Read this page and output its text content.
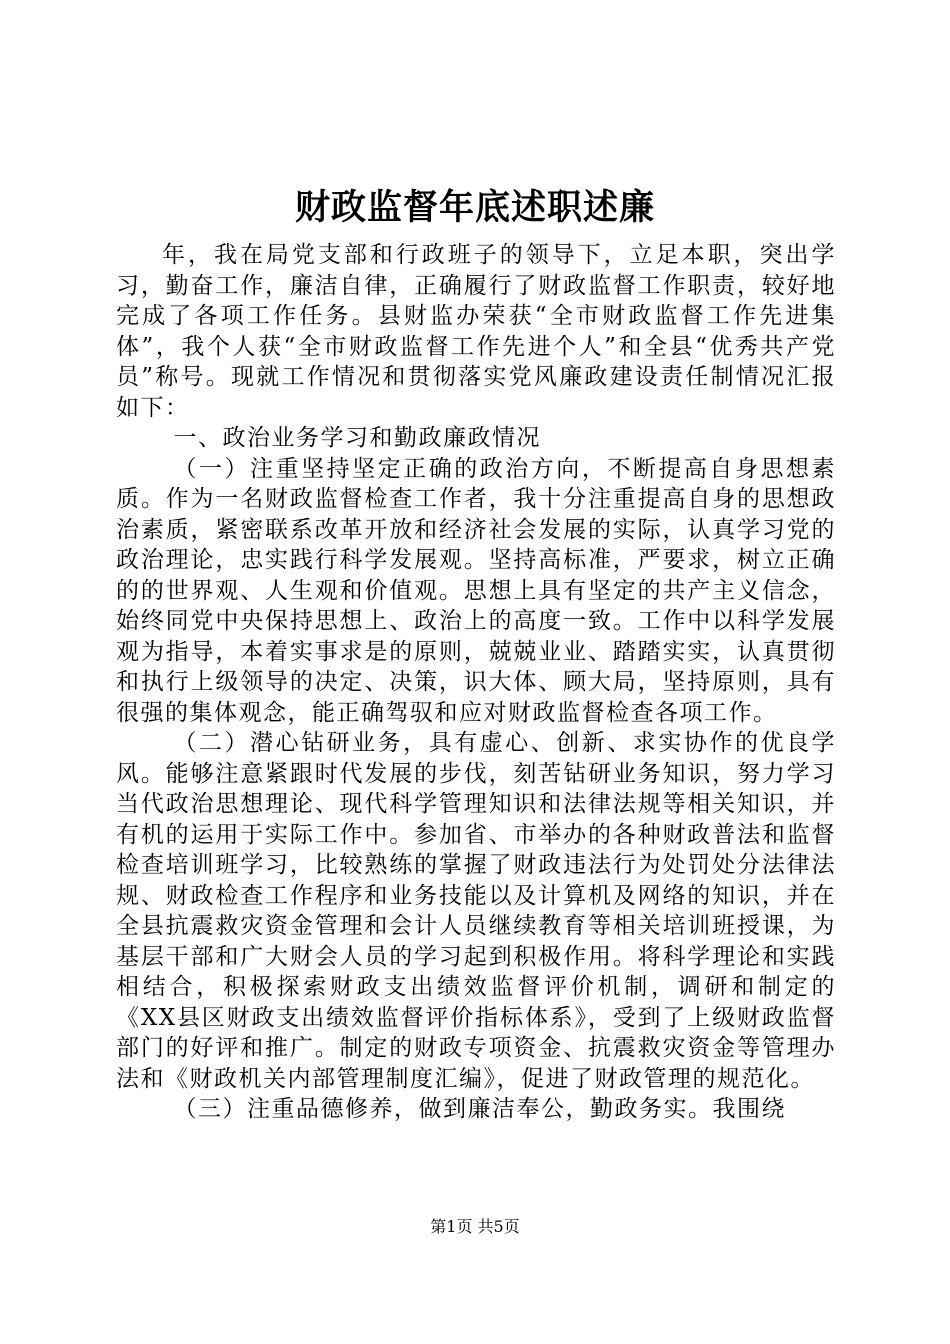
财政监督年底述职述廉

年，我在局党支部和行政班子的领导下，立足本职，突出学习，勤奋工作，廉洁自律，正确履行了财政监督工作职责，较好地完成了各项工作任务。县财监办荣获“全市财政监督工作先进集体”，我个人获“全市财政监督工作先进个人”和全县“优秀共产党员”称号。现就工作情况和贯彻落实党风廉政建设责任制情况汇报如下：

一、政治业务学习和勤政廉政情况

（一）注重坚持坚定正确的政治方向，不断提高自身思想素质。作为一名财政监督检查工作者，我十分注重提高自身的思想政治素质，紧密联系改革开放和经济社会发展的实际，认真学习党的政治理论，忠实践行科学发展观。坚持高标准，严要求，树立正确的的世界观、人生观和价值观。思想上具有坚定的共产主义信念，始终同党中央保持思想上、政治上的高度一致。工作中以科学发展观为指导，本着实事求是的原则，兢兢业业、踏踏实实，认真贯彻和执行上级领导的决定、决策，识大体、顾大局，坚持原则，具有很强的集体观念，能正确驾驭和应对财政监督检查各项工作。

（二）潜心钻研业务，具有虚心、创新、求实协作的优良学风。能够注意紧跟时代发展的步伐，刻苦钻研业务知识，努力学习当代政治思想理论、现代科学管理知识和法律法规等相关知识，并有机的运用于实际工作中。参加省、市举办的各种财政普法和监督检查培训班学习，比较熟练的掌握了财政违法行为处罚处分法律法规、财政检查工作程序和业务技能以及计算机及网络的知识，并在全县抗震救灾资金管理和会计人员继续教育等相关培训班授课，为基层干部和广大财会人员的学习起到积极作用。将科学理论和实践相结合，积极探索财政支出绩效监督评价机制，调研和制定的《XX县区财政支出绩效监督评价指标体系》，受到了上级财政监督部门的好评和推广。制定的财政专项资金、抗震救灾资金等管理办法和《财政机关内部管理制度汇编》，促进了财政管理的规范化。

（三）注重品德修养，做到廉洁奉公，勤政务实。我围绕

第1页 共5页
